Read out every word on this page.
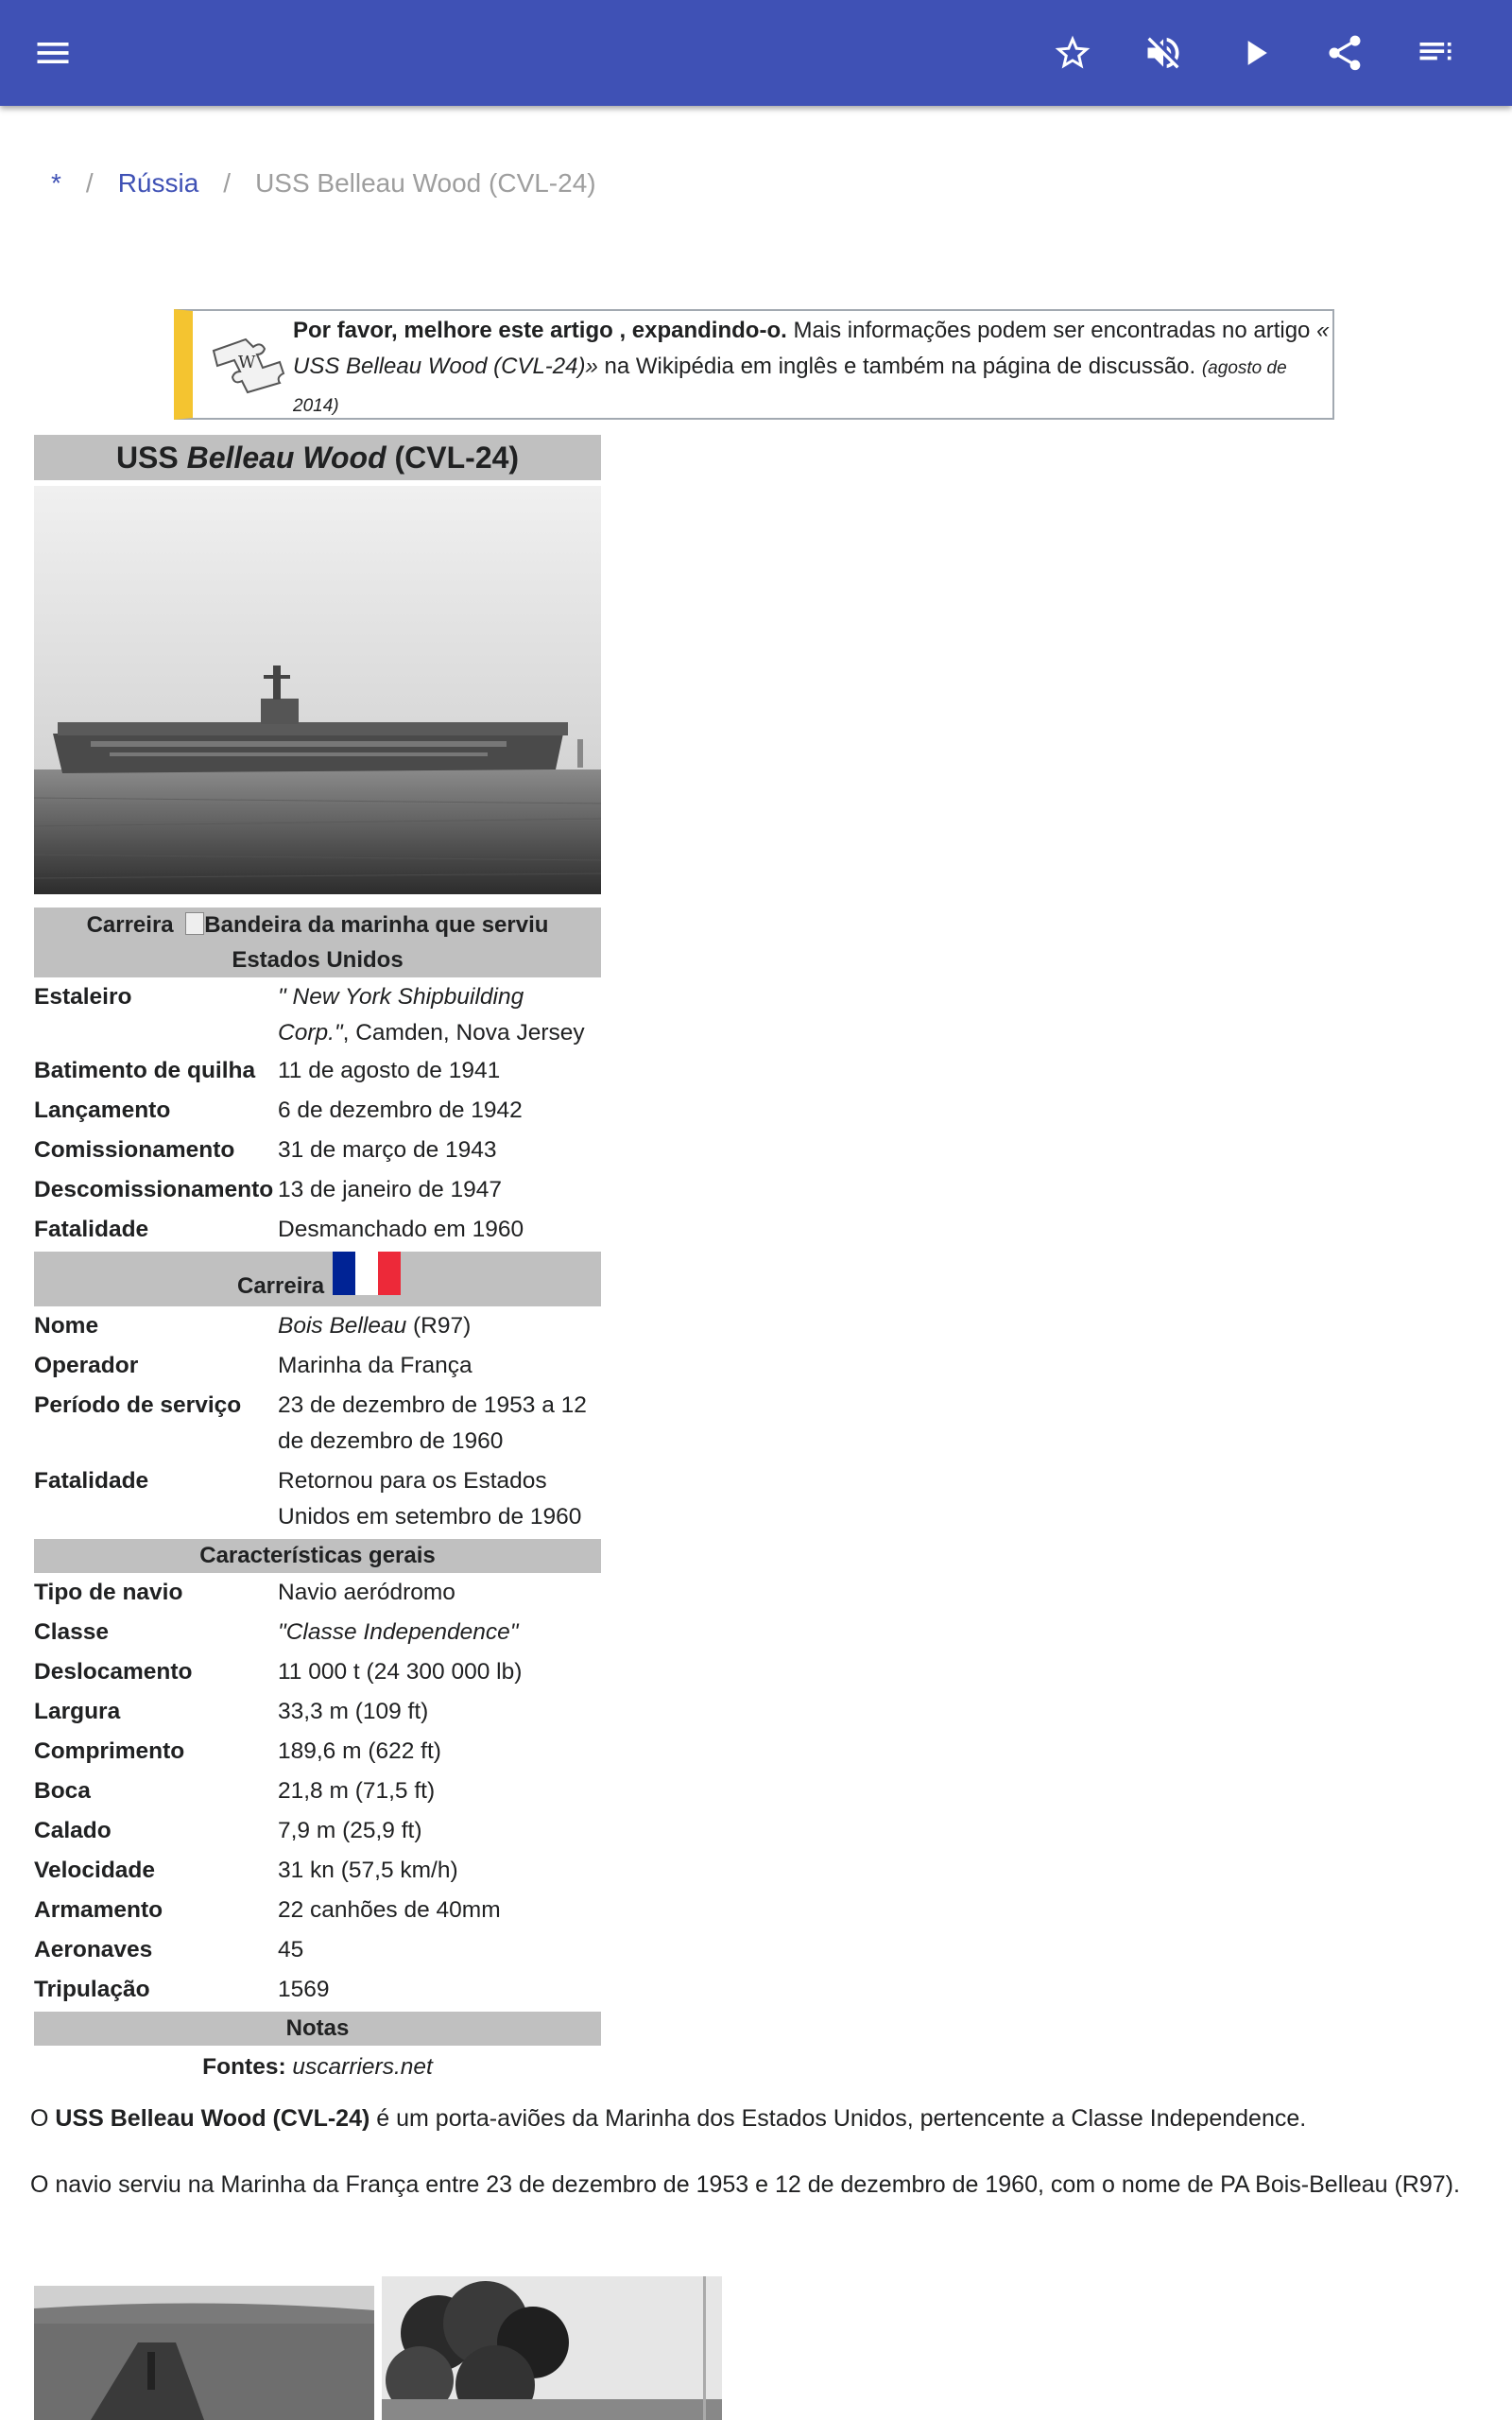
* / Rússia / USS Belleau Wood (CVL-24)
W
Por favor, melhore este artigo , expandindo-o. Mais informações podem ser encontradas no artigo « USS Belleau Wood (CVL-24)» na Wikipédia em inglês e também na página de discussão. (agosto de 2014)
USS Belleau Wood (CVL-24)
Carreira Bandeira da marinha que serviu
Estados Unidos
Estaleiro	" New York Shipbuilding Corp.", Camden, Nova Jersey
Batimento de quilha 11 de agosto de 1941
Lançamento	6 de dezembro de 1942
Comissionamento	31 de março de 1943
Descomissionamento 13 de janeiro de 1947
Fatalidade	Desmanchado em 1960
Carreira
Nome	Bois Belleau (R97)
Operador	Marinha da França
Período de serviço	23 de dezembro de 1953 a 12 de dezembro de 1960
Fatalidade	Retornou para os Estados Unidos em setembro de 1960
Características gerais
Tipo de navio	Navio aeródromo
Classe	"Classe Independence"
Deslocamento	11 000 t (24 300 000 lb)
Largura	33,3 m (109 ft)
Comprimento	189,6 m (622 ft)
Boca	21,8 m (71,5 ft)
Calado	7,9 m (25,9 ft)
Velocidade	31 kn (57,5 km/h)
Armamento	22 canhões de 40mm
Aeronaves	45
Tripulação	1569
Notas
Fontes: uscarriers.net
O USS Belleau Wood (CVL-24) é um porta-aviões da Marinha dos Estados Unidos, pertencente a Classe Independence.
O navio serviu na Marinha da França entre 23 de dezembro de 1953 e 12 de dezembro de 1960, com o nome de PA Bois-Belleau (R97).
